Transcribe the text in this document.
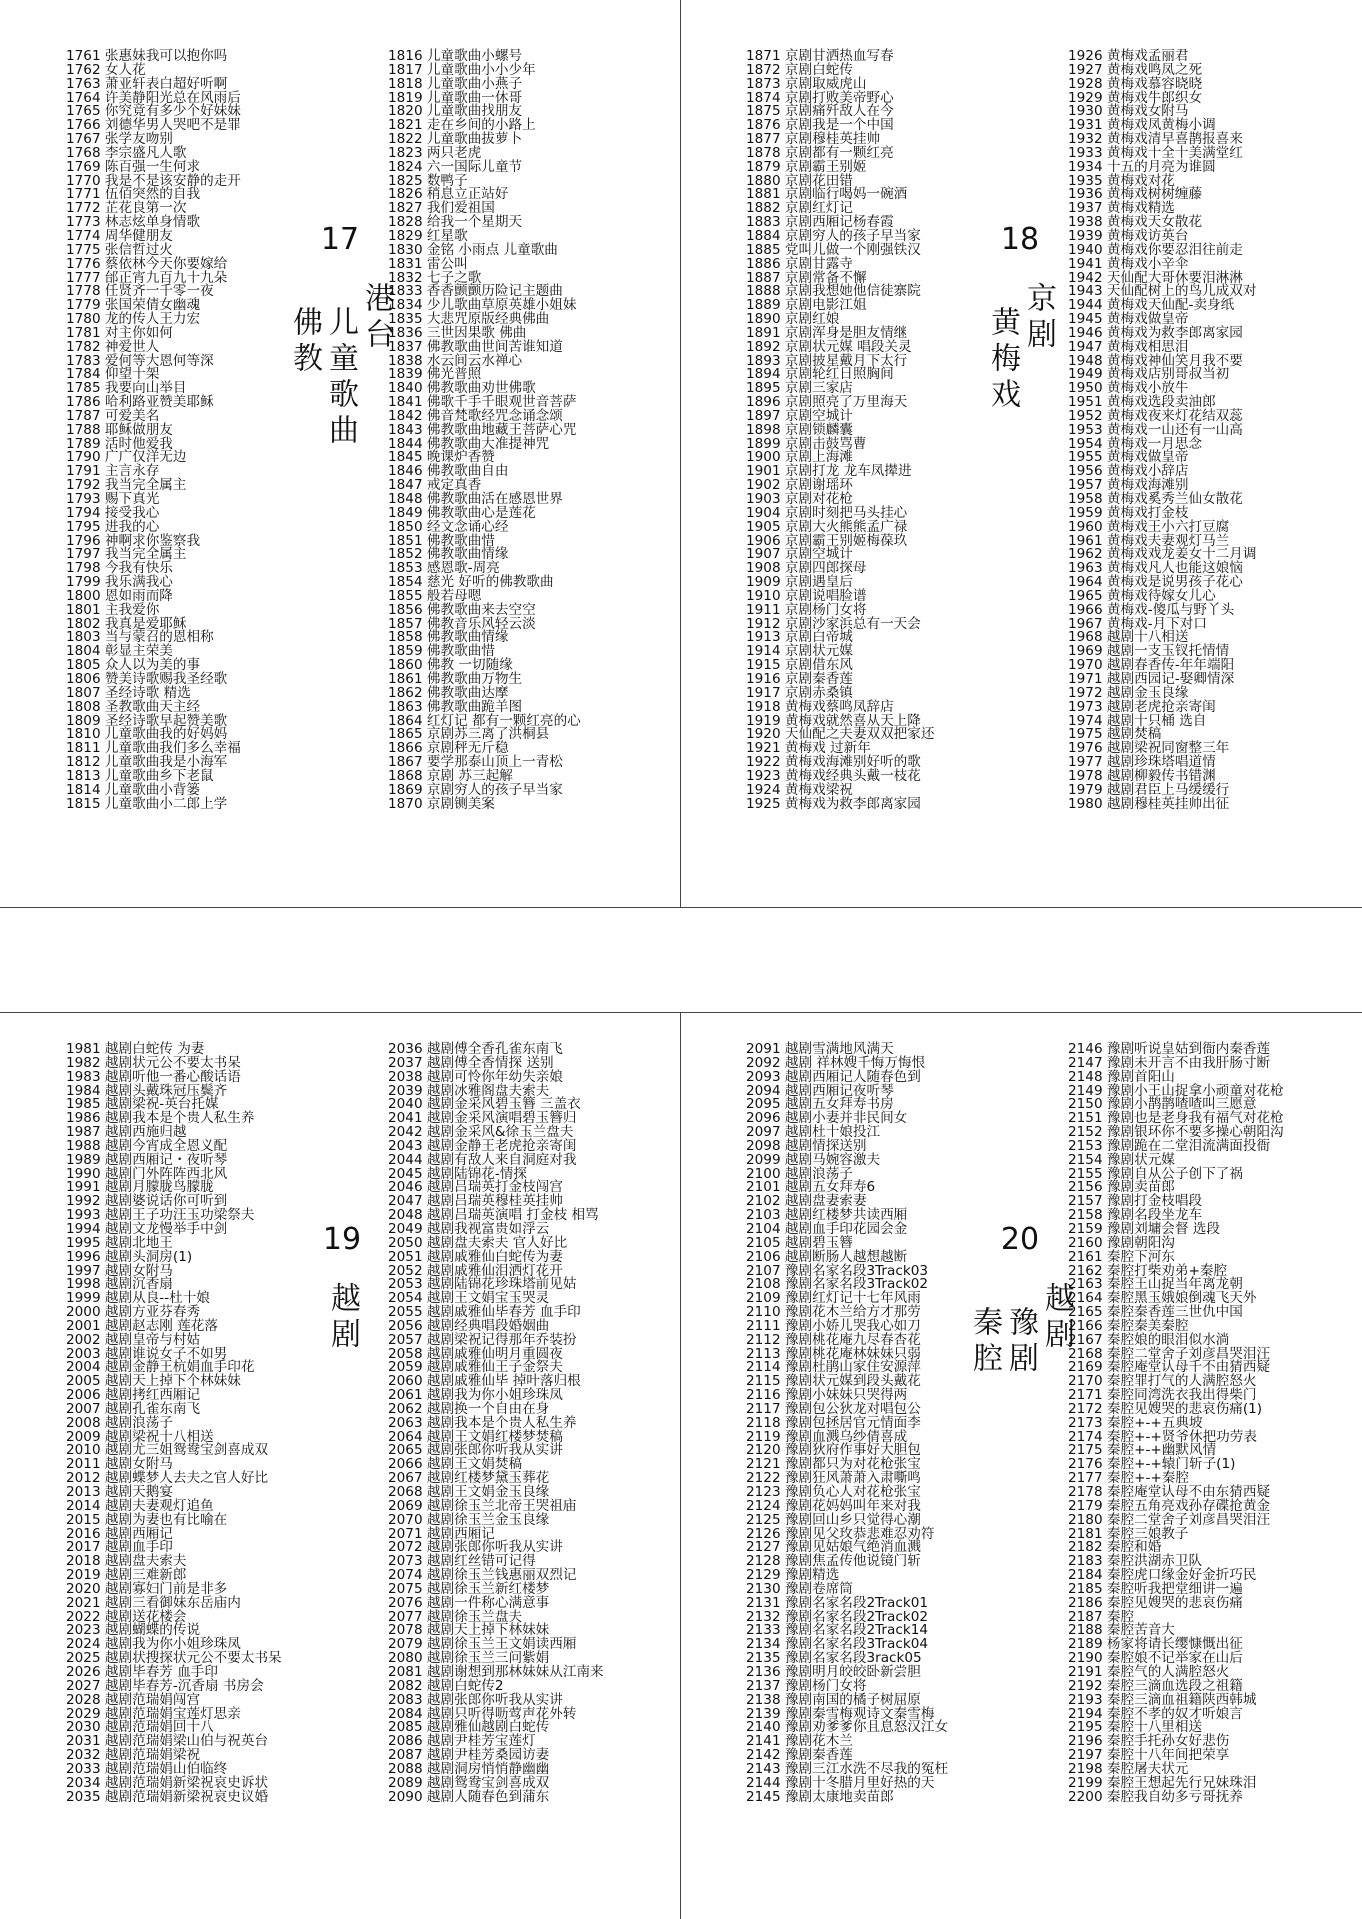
1761 张惠妹我可以抱你吗
1762 女人花
1763 萧亚轩表白超好听啊
1764 许美静阳光总在风雨后
1765 你究竟有多少个好妹妹
1766 刘德华男人哭吧不是罪
1767 张学友吻别
1768 李宗盛凡人歌
1769 陈百强一生何求
1770 我是不是该安静的走开
1771 伍佰突然的自我
1772 芷花良第一次
1773 林志炫单身情歌
1774 周华健朋友
1775 张信哲过火
1776 蔡依林今天你要嫁给
1777 邰正宵九百九十九朵
1778 任贤齐一千零一夜
1779 张国荣倩女幽魂
1780 龙的传人王力宏
1781 对主你如何
1782 神爱世人
1783 爱何等大恩何等深
1784 仰望十架
1785 我要向山举目
1786 哈利路亚赞美耶稣
1787 可爱美名
1788 耶稣做朋友
1789 活时他爱我
1790 广广仅洋无边
1791 主言永存
1792 我当完全属主
1793 赐下真光
1794 接受我心
1795 进我的心
1796 神啊求你鉴察我
1797 我当完全属主
1798 今我有快乐
1799 我乐满我心
1800 恩如雨而降
1801 主我爱你
1802 我真是爱耶稣
1803 当与蒙召的恩相称
1804 彰显主荣美
1805 众人以为美的事
1806 赞美诗歌赐我圣经歌
1807 圣经诗歌 精选
1808 圣教歌曲天主经
1809 圣经诗歌早起赞美歌
1810 儿童歌曲我的好妈妈
1811 儿童歌曲我们多么幸福
1812 儿童歌曲我是小海军
1813 儿童歌曲乡下老鼠
1814 儿童歌曲小背篓
1815 儿童歌曲小二郎上学
1816 儿童歌曲小螺号
1817 儿童歌曲小小少年
1818 儿童歌曲小燕子
1819 儿童歌曲一休哥
1820 儿童歌曲找朋友
1821 走在乡间的小路上
1822 儿童歌曲拔萝卜
1823 两只老虎
1824 六一国际儿童节
1825 数鸭子
1826 稍息立正站好
1827 我们爱祖国
1828 给我一个星期天
1829 红星歌
1830 金铭 小雨点 儿童歌曲
1831 雷公叫
1832 七子之歌
1833 香香颤颤历险记主题曲
1834 少儿歌曲草原英雄小姐妹
1835 大悲咒原版经典佛曲
1836 三世因果歌 佛曲
1837 佛教歌曲世间苦谁知道
1838 水云间云水禅心
1839 佛光普照
1840 佛教歌曲劝世佛歌
1841 佛歌千手千眼观世音菩萨
1842 佛音梵歌经咒念诵念颂
1843 佛教歌曲地藏王菩萨心咒
1844 佛教歌曲大准提神咒
1845 晚课炉香赞
1846 佛教歌曲自由
1847 戒定真香
1848 佛教歌曲活在感恩世界
1849 佛教歌曲心是莲花
1850 经文念诵心经
1851 佛教歌曲惜
1852 佛教歌曲情缘
1853 感恩歌-周亮
1854 慈光 好听的佛教歌曲
1855 般若母嗯
1856 佛教歌曲来去空空
1857 佛教音乐风轻云淡
1858 佛教歌曲情缘
1859 佛教歌曲惜
1860 佛教 一切随缘
1861 佛教歌曲万物生
1862 佛教歌曲达摩
1863 佛教歌曲跪羊图
1864 红灯记 都有一颗红亮的心
1865 京剧苏三离了洪桐县
1866 京剧秤无斤稳
1867 要学那泰山顶上一青松
1868 京剧 苏三起解
1869 京剧穷人的孩子早当家
1870 京剧铡美案
17
港台
儿童歌曲
佛教
1871 京剧甘洒热血写春
1872 京剧白蛇传
1873 京剧取威虎山
1874 京剧打败美帝野心
1875 京剧痛歼敌人在今
1876 京剧我是一个中国
1877 京剧穆桂英挂帅
1878 京剧都有一颗红亮
1879 京剧霸王别姬
1880 京剧花田错
1881 京剧临行喝妈一碗酒
1882 京剧红灯记
1883 京剧西厢记杨春霞
1884 京剧穷人的孩子早当家
1885 党叫儿做一个刚强铁汉
1886 京剧甘露寺
1887 京剧常备不懈
1888 京剧我想她他信徒寨院
1889 京剧电影江姐
1890 京剧红娘
1891 京剧浑身是胆友情继
1892 京剧状元媒 唱段关灵
1893 京剧披星戴月下太行
1894 京剧轮红日照胸间
1895 京剧三家店
1896 京剧照亮了万里海天
1897 京剧空城计
1898 京剧锁麟囊
1899 京剧击鼓骂曹
1900 京剧上海滩
1901 京剧打龙 龙车凤撵进
1902 京剧谢瑶环
1903 京剧对花枪
1904 京剧时刻把马头挂心
1905 京剧大火熊熊孟广禄
1906 京剧霸王别姬梅葆玖
1907 京剧空城计
1908 京剧四郎探母
1909 京剧遇皇后
1910 京剧说唱脸谱
1911 京剧杨门女将
1912 京剧沙家浜总有一天会
1913 京剧白帝城
1914 京剧状元媒
1915 京剧借东风
1916 京剧秦香莲
1917 京剧赤桑镇
1918 黄梅戏蔡鸣凤辞店
1919 黄梅戏就然喜从天上降
1920 天仙配之夫妻双双把家还
1921 黄梅戏 过新年
1922 黄梅戏海滩别好听的歌
1923 黄梅戏经典头戴一枝花
1924 黄梅戏梁祝
1925 黄梅戏为救李郎离家园
1926 黄梅戏孟丽君
1927 黄梅戏鸣凤之死
1928 黄梅戏慕容晓晓
1929 黄梅戏牛郎织女
1930 黄梅戏女附马
1931 黄梅戏凤黄梅小调
1932 黄梅戏清早喜鹊报喜来
1933 黄梅戏十全十美满堂红
1934 十五的月亮为谁圆
1935 黄梅戏对花
1936 黄梅戏树树缠藤
1937 黄梅戏精选
1938 黄梅戏天女散花
1939 黄梅戏访英台
1940 黄梅戏你要忍泪往前走
1941 黄梅戏小辛伞
1942 天仙配大哥休要泪淋淋
1943 天仙配树上的鸟儿成双对
1944 黄梅戏天仙配-卖身纸
1945 黄梅戏做皇帝
1946 黄梅戏为救李郎离家园
1947 黄梅戏相思泪
1948 黄梅戏神仙笑月我不要
1949 黄梅戏店别哥叔当初
1950 黄梅戏小放牛
1951 黄梅戏选段卖油郎
1952 黄梅戏夜来灯花结双蕊
1953 黄梅戏一山还有一山高
1954 黄梅戏一月思念
1955 黄梅戏做皇帝
1956 黄梅戏小辞店
1957 黄梅戏海滩别
1958 黄梅戏奚秀兰仙女散花
1959 黄梅戏打金枝
1960 黄梅戏王小六打豆腐
1961 黄梅戏夫妻观灯马兰
1962 黄梅戏戏龙姜女十二月调
1963 黄梅戏凡人也能这娘恼
1964 黄梅戏是说男孩子花心
1965 黄梅戏待嫁女儿心
1966 黄梅戏-傻瓜与野丫头
1967 黄梅戏-月下对口
1968 越剧十八相送
1969 越剧一支玉钗托情情
1970 越剧春香传-年年端阳
1971 越剧西园记-娶卿情深
1972 越剧金玉良缘
1973 越剧老虎抢亲寄闺
1974 越剧十只桶 选自
1975 越剧焚稿
1976 越剧梁祝同窗整三年
1977 越剧珍珠塔唱道情
1978 越剧柳毅传书错渊
1979 越剧君臣上马缓缓行
1980 越剧穆桂英挂帅出征
18
京剧
黄梅戏
1981 越剧白蛇传 为妻
1982 越剧状元公不要太书呆
1983 越剧听他一番心酸话语
1984 越剧头戴珠冠压鬓齐
1985 越剧梁祝-英台托媒
1986 越剧我本是个贵人私生养
1987 越剧西施归越
1988 越剧今宵成全恩义配
1989 越剧西厢记・夜听琴
1990 越剧门外阵阵西北风
1991 越剧月朦胧鸟朦胧
1992 越剧婆说话你可听到
1993 越剧王子功汪玉功梁祭夫
1994 越剧文龙慢举手中剑
1995 越剧北地王
1996 越剧头洞房(1)
1997 越剧女附马
1998 越剧沉香扇
1999 越剧从良--杜十娘
2000 越剧方亚芬春秀
2001 越剧赵志刚 莲花落
2002 越剧皇帝与村姑
2003 越剧谁说女子不如男
2004 越剧金静王杭娟血手印花
2005 越剧天上掉下个林妹妹
2006 越剧拷红西厢记
2007 越剧孔雀东南飞
2008 越剧浪荡子
2009 越剧梁祝十八相送
2010 越剧尤三姐鸳鸯宝剑喜成双
2011 越剧女附马
2012 越剧蝶梦人去夫之官人好比
2013 越剧天鹅宴
2014 越剧夫妻观灯追鱼
2015 越剧为妻也有比喻在
2016 越剧西厢记
2017 越剧血手印
2018 越剧盘夫索夫
2019 越剧三难新郎
2020 越剧寡妇门前是非多
2021 越剧三看御妹东岳庙内
2022 越剧送花楼会
2023 越剧蝴蝶的传说
2024 越剧我为你小姐珍珠凤
2025 越剧状搜探状元公不要太书呆
2026 越剧毕春芳 血手印
2027 越剧毕春芳-沉香扇 书房会
2028 越剧范瑞娟闯宫
2029 越剧范瑞娟宝莲灯思亲
2030 越剧范瑞娟回十八
2031 越剧范瑞娟梁山伯与祝英台
2032 越剧范瑞娟梁祝
2033 越剧范瑞娟山伯临终
2034 越剧范瑞娟新梁祝哀史诉状
2035 越剧范瑞娟新梁祝哀史议婚
2036 越剧傅全香孔雀东南飞
2037 越剧傅全香情探 送别
2038 越剧可怜你年幼失亲娘
2039 越剧冰雅阁盘夫索夫
2040 越剧金采风碧玉簪 三盖衣
2041 越剧金采风演唱碧玉簪归
2042 越剧金采风&徐玉兰盘夫
2043 越剧金静王老虎抢亲寄闺
2044 越剧有敌人来自洞庭对我
2045 越剧陆锦花-情探
2046 越剧吕瑞英打金枝闯宫
2047 越剧吕瑞英穆桂英挂帅
2048 越剧吕瑞英演唱 打金枝 相骂
2049 越剧我视富贵如浮云
2050 越剧盘夫索夫 官人好比
2051 越剧戚雅仙白蛇传为妻
2052 越剧戚雅仙泪洒灯花开
2053 越剧陆锦花珍珠塔前见姑
2054 越剧王文娟宝玉哭灵
2055 越剧戚雅仙毕春芳 血手印
2056 越剧经典唱段婚姻曲
2057 越剧梁祝记得那年乔装扮
2058 越剧戚雅仙明月重圆夜
2059 越剧戚雅仙王子金祭夫
2060 越剧戚雅仙毕 掉叶落归根
2061 越剧我为你小姐珍珠凤
2062 越剧换一个自由在身
2063 越剧我本是个贵人私生养
2064 越剧王文娟红楼梦焚稿
2065 越剧张郎你听我从实讲
2066 越剧王文娟焚稿
2067 越剧红楼梦黛玉葬花
2068 越剧王文娟金玉良缘
2069 越剧徐玉兰北帝王哭祖庙
2070 越剧徐玉兰金玉良缘
2071 越剧西厢记
2072 越剧张郎你听我从实讲
2073 越剧红丝错可记得
2074 越剧徐玉兰钱惠丽双烈记
2075 越剧徐玉兰新红楼梦
2076 越剧一件称心满意事
2077 越剧徐玉兰盘夫
2078 越剧天上掉下林妹妹
2079 越剧徐玉兰王文娟读西厢
2080 越剧徐玉兰三问紫娟
2081 越剧谢想到那林妹妹从江南来
2082 越剧白蛇传2
2083 越剧张郎你听我从实讲
2084 越剧只听得呖莺声花外转
2085 越剧雅仙越剧白蛇传
2086 越剧尹桂芳宝莲灯
2087 越剧尹桂芳桑园访妻
2088 越剧洞房悄悄静幽幽
2089 越剧鸳鸯宝剑喜成双
2090 越剧人随春色到蒲东
19
越剧
2091 越剧雪满地风满天
2092 越剧 祥林嫂千悔万悔恨
2093 越剧西厢记人随春色到
2094 越剧西厢记夜听琴
2095 越剧五女拜寿书房
2096 越剧小妻并非民间女
2097 越剧杜十娘投江
2098 越剧情探送别
2099 越剧马婉容激夫
2100 越剧浪荡子
2101 越剧五女拜寿6
2102 越剧盘妻索妻
2103 越剧红楼梦共读西厢
2104 越剧血手印花园会金
2105 越剧碧玉簪
2106 越剧断肠人越想越断
2107 豫剧名家名段3Track03
2108 豫剧名家名段3Track02
2109 豫剧红灯记十七年风雨
2110 豫剧花木兰给方才那劳
2111 豫剧小娇儿哭我心如刀
2112 豫剧桃花庵九尽春杏花
2113 豫剧桃花庵林妹妹只弱
2114 豫剧杜鹃山家住安源萍
2115 豫剧状元媒到段头戴花
2116 豫剧小妹妹只哭得两
2117 豫剧包公狄龙对唱包公
2118 豫剧包拯居官元情面李
2119 豫剧血溅乌纱倩喜成
2120 豫剧狄府作事好大胆包
2121 豫剧都只为对花枪张宝
2122 豫剧狂风萧萧入肃嘶鸣
2123 豫剧负心人对花枪张宝
2124 豫剧花妈妈叫年来对我
2125 豫剧回山乡只觉得心潮
2126 豫剧见父玫恭悲难忍劝符
2127 豫剧见姑娘气绝消血溅
2128 豫剧焦孟传他说镜门斩
2129 豫剧精选
2130 豫剧卷席筒
2131 豫剧名家名段2Track01
2132 豫剧名家名段2Track02
2133 豫剧名家名段2Track14
2134 豫剧名家名段3Track04
2135 豫剧名家名段3rack05
2136 豫剧明月皎皎卧新尝胆
2137 豫剧杨门女将
2138 豫剧南国的橘子树屈原
2139 豫剧秦雪梅观诗文秦雪梅
2140 豫剧劝爹爹你且息怒汉江女
2141 豫剧花木兰
2142 豫剧秦香莲
2143 豫剧三江水洗不尽我的冤枉
2144 豫剧十冬腊月里好热的天
2145 豫剧太康地卖苗郎
2146 豫剧听说皇姑到衙内秦香莲
2147 豫剧未开言不由我肝肠寸断
2148 豫剧首阳山
2149 豫剧小王山捉拿小顽童对花枪
2150 豫剧小鹊鹊喳喳叫三愿意
2151 豫剧也是老身我有福气对花枪
2152 豫剧银环你不要多操心朝阳沟
2153 豫剧跪在二堂泪流满面投衙
2154 豫剧状元媒
2155 豫剧自从公子创下了祸
2156 豫剧卖苗郎
2157 豫剧打金枝唱段
2158 豫剧名段坐龙车
2159 豫剧刘墉会督 选段
2160 豫剧朝阳沟
2161 秦腔下河东
2162 秦腔打柴劝弟+秦腔
2163 秦腔王山捉当年离龙朝
2164 秦腔黑玉娥娘倒魂飞天外
2165 秦腔秦香莲三世仇中国
2166 秦腔秦美秦腔
2167 秦腔娘的眼泪似水淌
2168 秦腔二堂舍子刘彦昌哭泪汪
2169 秦腔庵堂认母千不由猜西疑
2170 秦腔罪打气的人满腔怒火
2171 秦腔同湾洗衣我出得柴门
2172 秦腔见嫂哭的悲哀伤痛(1)
2173 秦腔+-+五典坡
2174 秦腔+-+贤爷休把功劳表
2175 秦腔+-+幽默风情
2176 秦腔+-+辕门斩子(1)
2177 秦腔+-+秦腔
2178 秦腔庵堂认母不由东猜西疑
2179 秦腔五角亮戏孙存碟抢黄金
2180 秦腔二堂舍子刘彦昌哭泪汪
2181 秦腔三娘教子
2182 秦腔和婚
2183 秦腔洪湖赤卫队
2184 秦腔虎口缘金好金折巧民
2185 秦腔听我把堂细讲一遍
2186 秦腔见嫂哭的悲哀伤痛
2187 秦腔
2188 秦腔苦音大
2189 杨家将请长缨慷慨出征
2190 秦腔娘不记举家在山后
2191 秦腔气的人满腔怒火
2192 秦腔三滴血选段之祖籍
2193 秦腔三滴血祖籍陕西韩城
2194 秦腔不孝的奴才听娘言
2195 秦腔十八里相送
2196 秦腔手托孙女好悲伤
2197 秦腔十八年间把荣享
2198 秦腔屠夫状元
2199 秦腔王想起先行兄妹珠泪
2200 秦腔我自幼多亏哥抚养
20
越剧
豫剧
秦腔
